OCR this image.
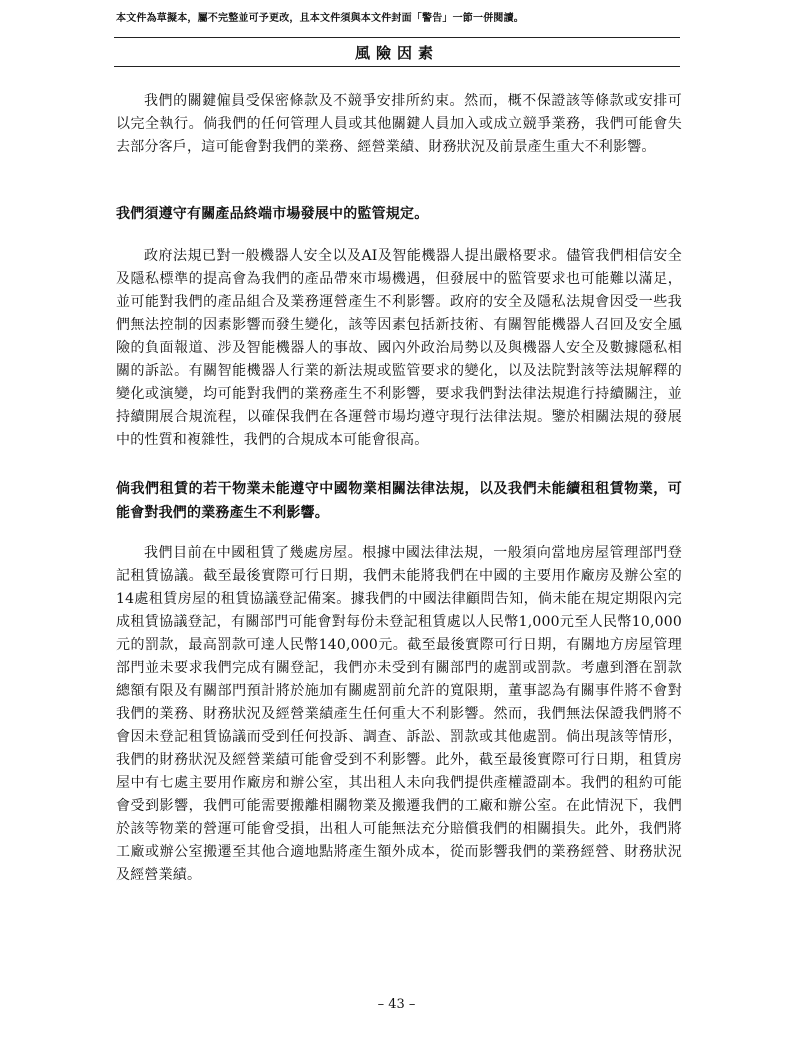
本文件為草擬本，屬不完整並可予更改，且本文件須與本文件封面「警告」一節一併閱讀。
風險因素

我們的關鍵僱員受保密條款及不競爭安排所約束。然而，概不保證該等條款或安排可以完全執行。倘我們的任何管理人員或其他關鍵人員加入或成立競爭業務，我們可能會失去部分客戶，這可能會對我們的業務、經營業績、財務狀況及前景產生重大不利影響。

我們須遵守有關產品終端市場發展中的監管規定。

政府法規已對一般機器人安全以及AI及智能機器人提出嚴格要求。儘管我們相信安全及隱私標準的提高會為我們的產品帶來市場機遇，但發展中的監管要求也可能難以滿足，並可能對我們的產品組合及業務運營產生不利影響。政府的安全及隱私法規會因受一些我們無法控制的因素影響而發生變化，該等因素包括新技術、有關智能機器人召回及安全風險的負面報道、涉及智能機器人的事故、國內外政治局勢以及與機器人安全及數據隱私相關的訴訟。有關智能機器人行業的新法規或監管要求的變化，以及法院對該等法規解釋的變化或演變，均可能對我們的業務產生不利影響，要求我們對法律法規進行持續關注，並持續開展合規流程，以確保我們在各運營市場均遵守現行法律法規。鑒於相關法規的發展中的性質和複雜性，我們的合規成本可能會很高。

倘我們租賃的若干物業未能遵守中國物業相關法律法規，以及我們未能續租租賃物業，可能會對我們的業務產生不利影響。

我們目前在中國租賃了幾處房屋。根據中國法律法規，一般須向當地房屋管理部門登記租賃協議。截至最後實際可行日期，我們未能將我們在中國的主要用作廠房及辦公室的14處租賃房屋的租賃協議登記備案。據我們的中國法律顧問告知，倘未能在規定期限內完成租賃協議登記，有關部門可能會對每份未登記租賃處以人民幣1,000元至人民幣10,000元的罰款，最高罰款可達人民幣140,000元。截至最後實際可行日期，有關地方房屋管理部門並未要求我們完成有關登記，我們亦未受到有關部門的處罰或罰款。考慮到潛在罰款總額有限及有關部門預計將於施加有關處罰前允許的寬限期，董事認為有關事件將不會對我們的業務、財務狀況及經營業績產生任何重大不利影響。然而，我們無法保證我們將不會因未登記租賃協議而受到任何投訴、調查、訴訟、罰款或其他處罰。倘出現該等情形，我們的財務狀況及經營業績可能會受到不利影響。此外，截至最後實際可行日期，租賃房屋中有七處主要用作廠房和辦公室，其出租人未向我們提供產權證副本。我們的租約可能會受到影響，我們可能需要搬離相關物業及搬遷我們的工廠和辦公室。在此情況下，我們於該等物業的營運可能會受損，出租人可能無法充分賠償我們的相關損失。此外，我們將工廠或辦公室搬遷至其他合適地點將產生額外成本，從而影響我們的業務經營、財務狀況及經營業績。

– 43 –
